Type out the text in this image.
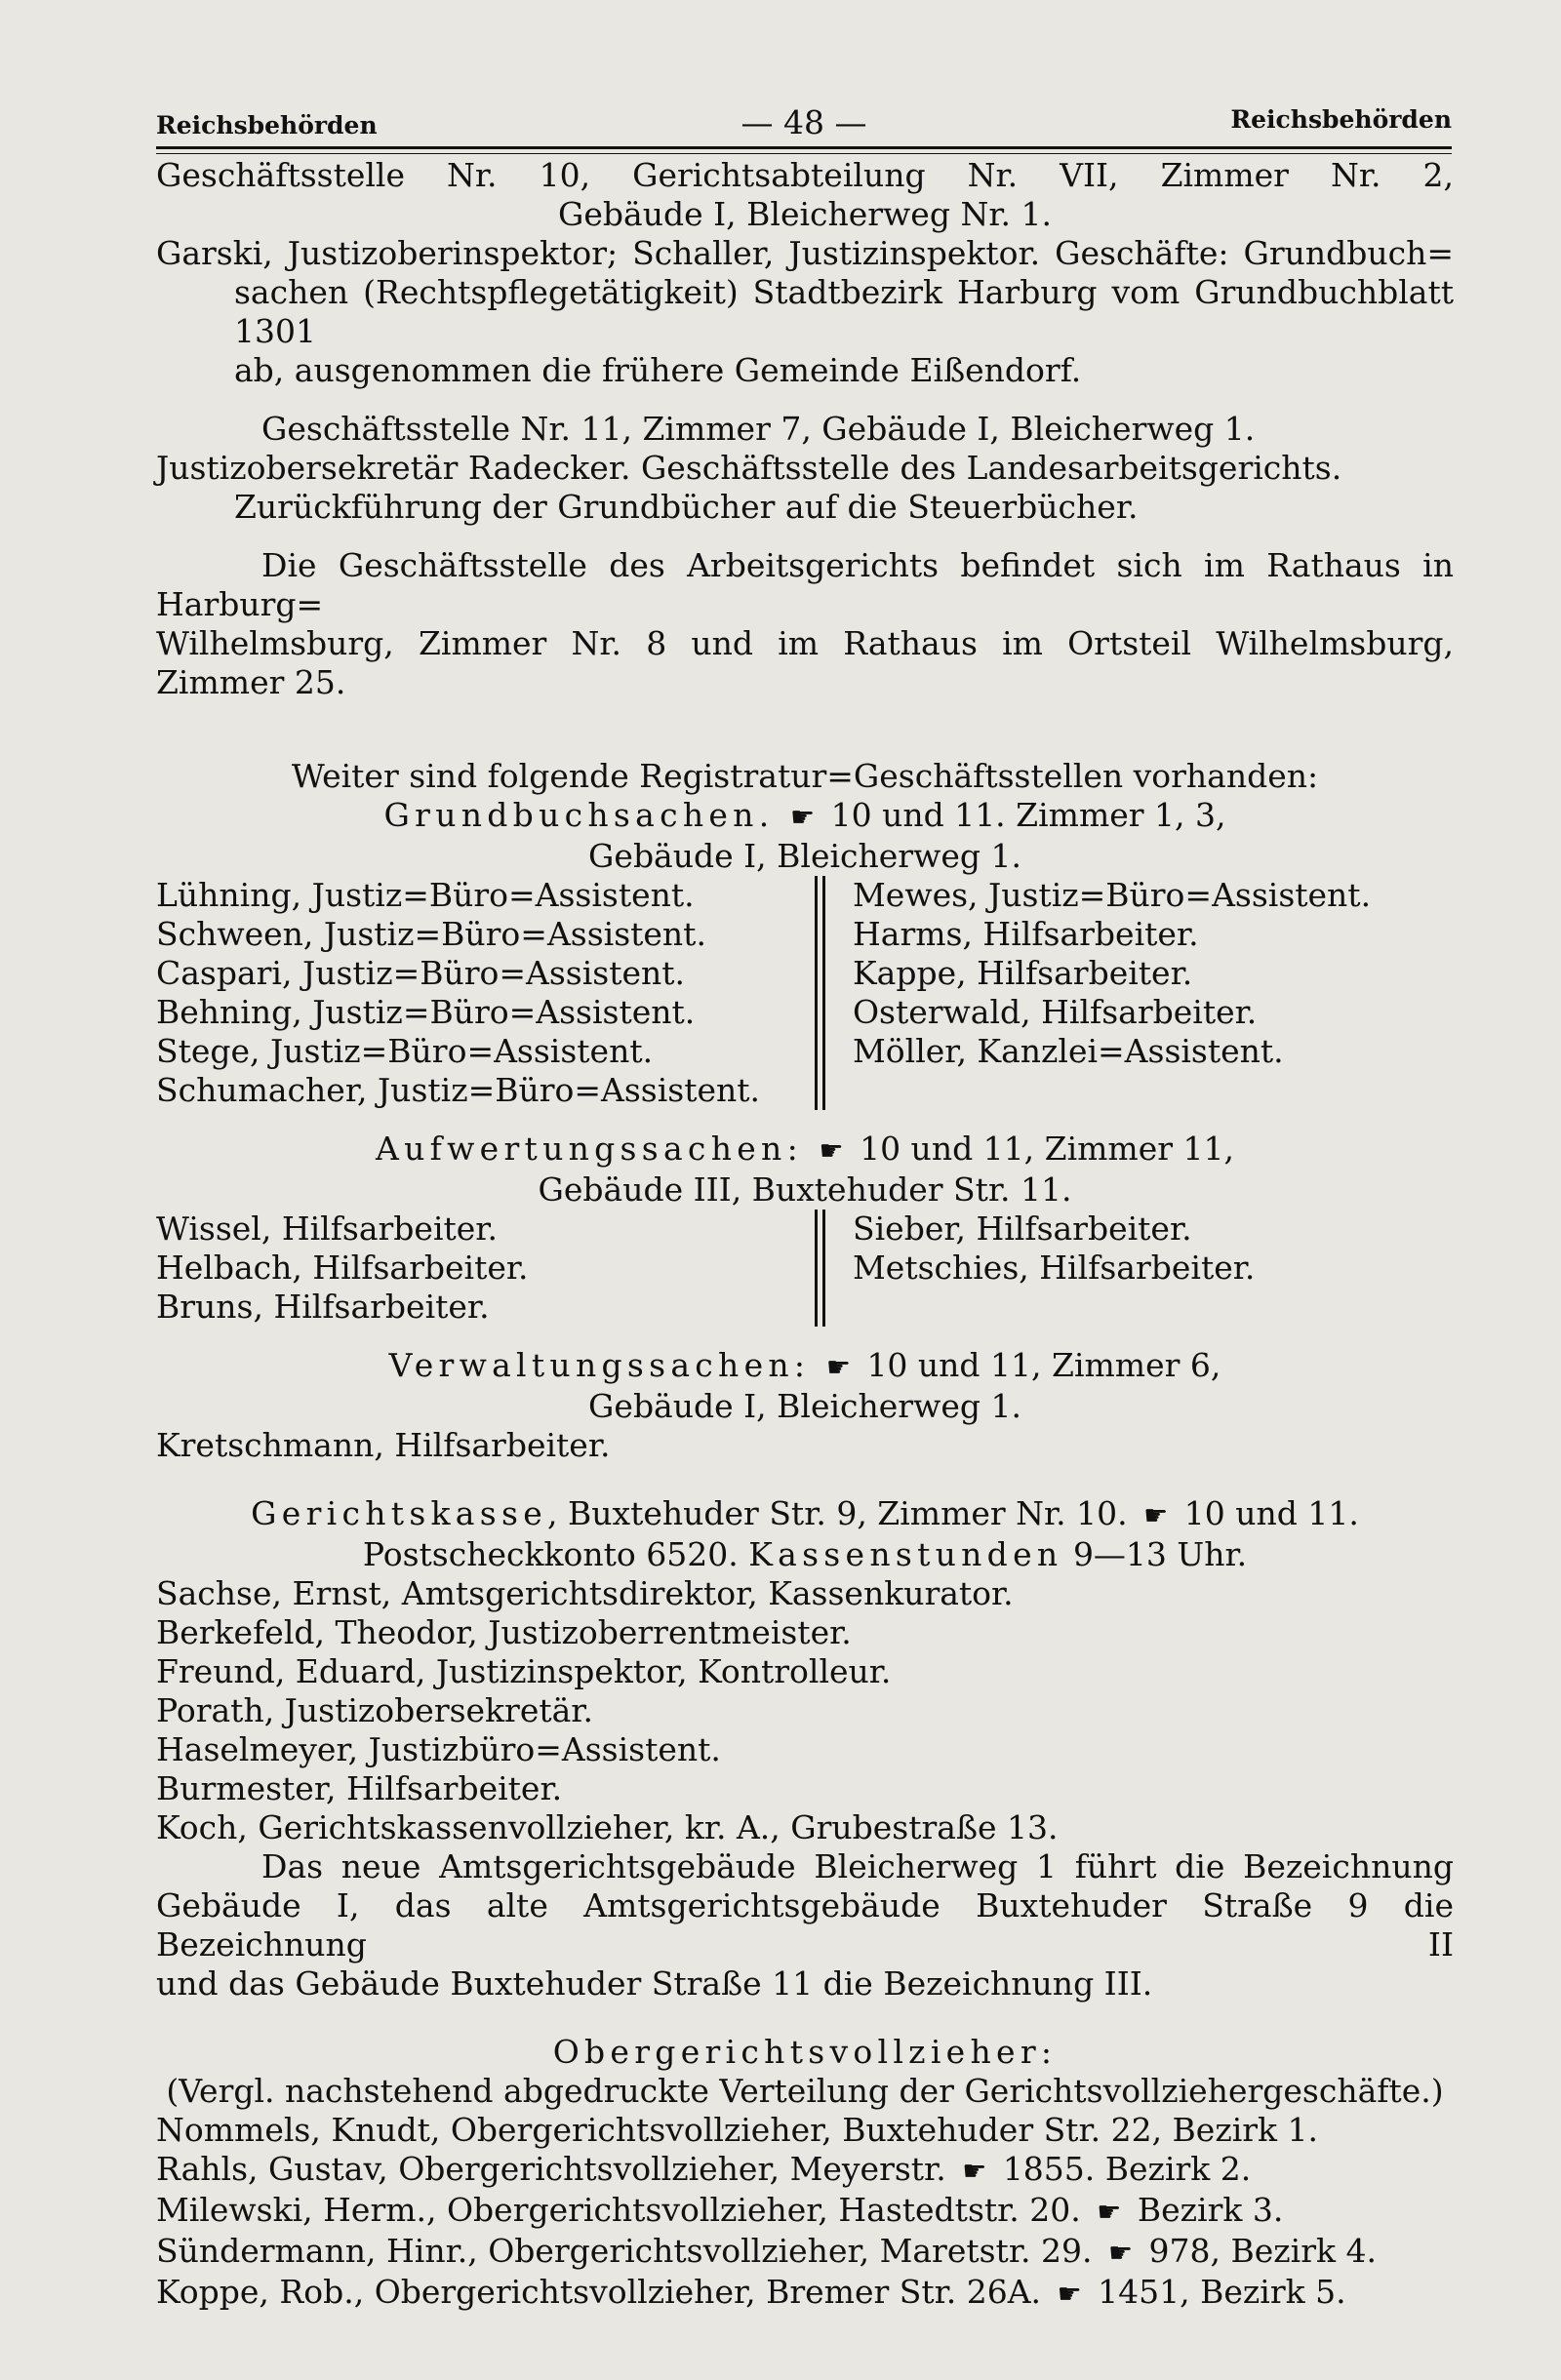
Reichsbehörden	— 48 —	Reichsbehörden

Geschäftsstelle Nr. 10, Gerichtsabteilung Nr. VII, Zimmer Nr. 2,

Gebäude I, Bleicherweg Nr. 1.

Garski, Justizoberinspektor; Schaller, Justizinspektor. Geschäfte: Grundbuch=

sachen (Rechtspflegetätigkeit) Stadtbezirk Harburg vom Grundbuchblatt 1301

ab, ausgenommen die frühere Gemeinde Eißendorf.

Geschäftsstelle Nr. 11, Zimmer 7, Gebäude I, Bleicherweg 1.

Justizobersekretär Radecker. Geschäftsstelle des Landesarbeitsgerichts.

Zurückführung der Grundbücher auf die Steuerbücher.

Die Geschäftsstelle des Arbeitsgerichts befindet sich im Rathaus in Harburg=

Wilhelmsburg, Zimmer Nr. 8 und im Rathaus im Ortsteil Wilhelmsburg,

Zimmer 25.

Weiter sind folgende Registratur=Geschäftsstellen vorhanden:

Grundbuchsachen. ☛ 10 und 11. Zimmer 1, 3,

Gebäude I, Bleicherweg 1.

Lühning, Justiz=Büro=Assistent.

Schween, Justiz=Büro=Assistent.

Caspari, Justiz=Büro=Assistent.

Behning, Justiz=Büro=Assistent.

Stege, Justiz=Büro=Assistent.

Schumacher, Justiz=Büro=Assistent.

Mewes, Justiz=Büro=Assistent.

Harms, Hilfsarbeiter.

Kappe, Hilfsarbeiter.

Osterwald, Hilfsarbeiter.

Möller, Kanzlei=Assistent.

Aufwertungssachen: ☛ 10 und 11, Zimmer 11,

Gebäude III, Buxtehuder Str. 11.

Wissel, Hilfsarbeiter.

Helbach, Hilfsarbeiter.

Bruns, Hilfsarbeiter.

Sieber, Hilfsarbeiter.

Metschies, Hilfsarbeiter.

Verwaltungssachen: ☛ 10 und 11, Zimmer 6,

Gebäude I, Bleicherweg 1.

Kretschmann, Hilfsarbeiter.

Gerichtskasse, Buxtehuder Str. 9, Zimmer Nr. 10. ☛ 10 und 11.

Postscheckkonto 6520. Kassenstunden 9—13 Uhr.

Sachse, Ernst, Amtsgerichtsdirektor, Kassenkurator.

Berkefeld, Theodor, Justizoberrentmeister.

Freund, Eduard, Justizinspektor, Kontrolleur.

Porath, Justizobersekretär.

Haselmeyer, Justizbüro=Assistent.

Burmester, Hilfsarbeiter.

Koch, Gerichtskassenvollzieher, kr. A., Grubestraße 13.

Das neue Amtsgerichtsgebäude Bleicherweg 1 führt die Bezeichnung

Gebäude I, das alte Amtsgerichtsgebäude Buxtehuder Straße 9 die Bezeichnung II

und das Gebäude Buxtehuder Straße 11 die Bezeichnung III.

Obergerichtsvollzieher:

(Vergl. nachstehend abgedruckte Verteilung der Gerichtsvollziehergeschäfte.)

Nommels, Knudt, Obergerichtsvollzieher, Buxtehuder Str. 22, Bezirk 1.

Rahls, Gustav, Obergerichtsvollzieher, Meyerstr. ☛ 1855. Bezirk 2.

Milewski, Herm., Obergerichtsvollzieher, Hastedtstr. 20. ☛ Bezirk 3.

Sündermann, Hinr., Obergerichtsvollzieher, Maretstr. 29. ☛ 978, Bezirk 4.

Koppe, Rob., Obergerichtsvollzieher, Bremer Str. 26A. ☛ 1451, Bezirk 5.
